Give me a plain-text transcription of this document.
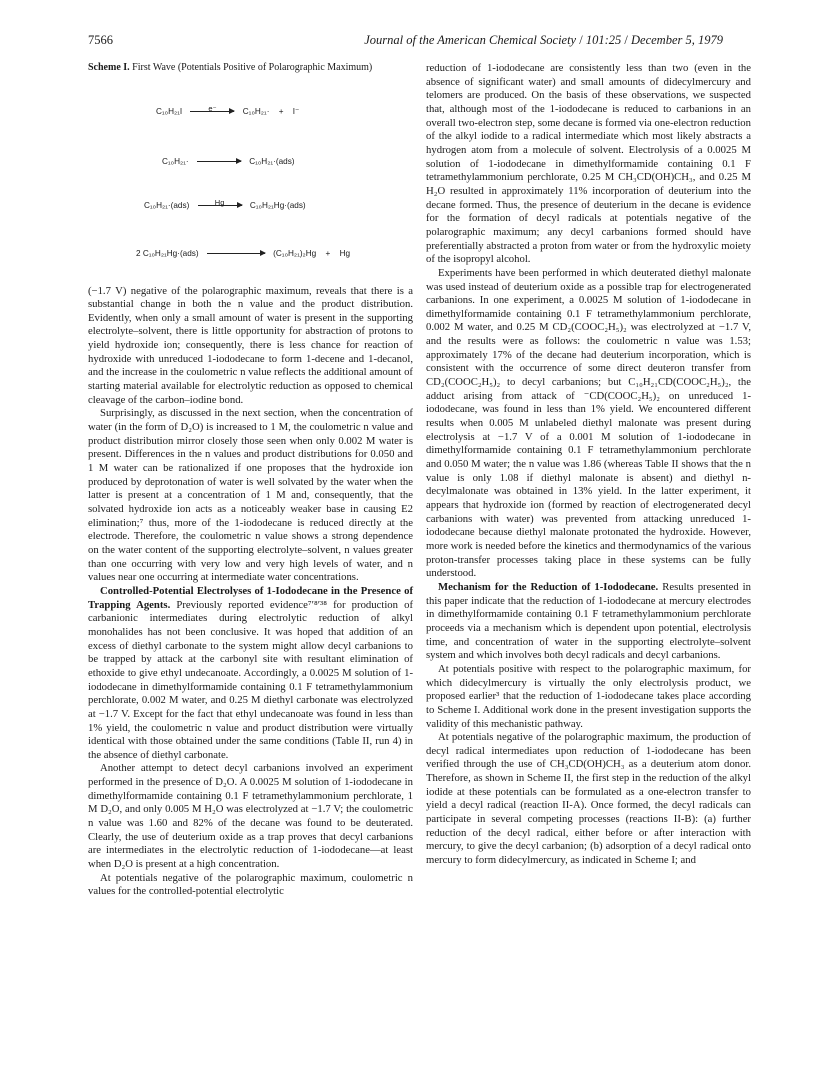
7566	Journal of the American Chemical Society / 101:25 / December 5, 1979
Scheme I. First Wave (Potentials Positive of Polarographic Maximum)
C₁₀H₂₁I	e⁻	C₁₀H₂₁· + I⁻
C₁₀H₂₁·	C₁₀H₂₁·(ads)
C₁₀H₂₁·(ads)	Hg	C₁₀H₂₁Hg·(ads)
2 C₁₀H₂₁Hg·(ads)	(C₁₀H₂₁)₂Hg + Hg

(−1.7 V) negative of the polarographic maximum, reveals that there is a substantial change in both the n value and the product distribution. Evidently, when only a small amount of water is present in the supporting electrolyte–solvent, there is little opportunity for abstraction of protons to yield hydroxide ion; consequently, there is less chance for reaction of hydroxide with unreduced 1-iododecane to form 1-decene and 1-decanol, and the increase in the coulometric n value reflects the additional amount of starting material available for electrolytic reduction as opposed to chemical cleavage of the carbon–iodine bond.

Surprisingly, as discussed in the next section, when the concentration of water (in the form of D₂O) is increased to 1 M, the coulometric n value and product distribution mirror closely those seen when only 0.002 M water is present. Differences in the n values and product distributions for 0.050 and 1 M water can be rationalized if one proposes that the hydroxide ion produced by deprotonation of water is well solvated by the water when the latter is present at a concentration of 1 M and, consequently, that the solvated hydroxide ion acts as a noticeably weaker base in causing E2 elimination;⁷ thus, more of the 1-iododecane is reduced directly at the electrode. Therefore, the coulometric n value shows a strong dependence on the water content of the supporting electrolyte–solvent, n values greater than one occurring with very low and very high levels of water, and n values near one occurring at intermediate water concentrations.

Controlled-Potential Electrolyses of 1-Iododecane in the Presence of Trapping Agents. Previously reported evidence⁷ʹ⁸ʹ³⁸ for production of carbanionic intermediates during electrolytic reduction of alkyl monohalides has not been conclusive. It was hoped that addition of an excess of diethyl carbonate to the system might allow decyl carbanions to be trapped by attack at the carbonyl site with resultant elimination of ethoxide to give ethyl undecanoate. Accordingly, a 0.0025 M solution of 1-iododecane in dimethylformamide containing 0.1 F tetramethylammonium perchlorate, 0.002 M water, and 0.25 M diethyl carbonate was electrolyzed at −1.7 V. Except for the fact that ethyl undecanoate was found in less than 1% yield, the coulometric n value and product distribution were virtually identical with those obtained under the same conditions (Table II, run 4) in the absence of diethyl carbonate.

Another attempt to detect decyl carbanions involved an experiment performed in the presence of D₂O. A 0.0025 M solution of 1-iododecane in dimethylformamide containing 0.1 F tetramethylammonium perchlorate, 1 M D₂O, and only 0.005 M H₂O was electrolyzed at −1.7 V; the coulometric n value was 1.60 and 82% of the decane was found to be deuterated. Clearly, the use of deuterium oxide as a trap proves that decyl carbanions are intermediates in the electrolytic reduction of 1-iododecane—at least when D₂O is present at a high concentration.

At potentials negative of the polarographic maximum, coulometric n values for the controlled-potential electrolytic

reduction of 1-iododecane are consistently less than two (even in the absence of significant water) and small amounts of didecylmercury and telomers are produced. On the basis of these observations, we suspected that, although most of the 1-iododecane is reduced to carbanions in an overall two-electron step, some decane is formed via one-electron reduction of the alkyl iodide to a radical intermediate which most likely abstracts a hydrogen atom from a molecule of solvent. Electrolysis of a 0.0025 M solution of 1-iododecane in dimethylformamide containing 0.1 F tetramethylammonium perchlorate, 0.25 M CH₃CD(OH)CH₃, and 0.25 M H₂O resulted in approximately 11% incorporation of deuterium into the decane formed. Thus, the presence of deuterium in the decane is evidence for the formation of decyl radicals at potentials negative of the polarographic maximum; any decyl carbanions formed should have preferentially abstracted a proton from water or from the hydroxylic moiety of the isopropyl alcohol.

Experiments have been performed in which deuterated diethyl malonate was used instead of deuterium oxide as a possible trap for electrogenerated carbanions. In one experiment, a 0.0025 M solution of 1-iododecane in dimethylformamide containing 0.1 F tetramethylammonium perchlorate, 0.002 M water, and 0.25 M CD₂(COOC₂H₅)₂ was electrolyzed at −1.7 V, and the results were as follows: the coulometric n value was 1.53; approximately 17% of the decane had deuterium incorporation, which is consistent with the occurrence of some direct deuteron transfer from CD₂(COOC₂H₅)₂ to decyl carbanions; but C₁₀H₂₁CD(COOC₂H₅)₂, the adduct arising from attack of ⁻CD(COOC₂H₅)₂ on unreduced 1-iododecane, was found in less than 1% yield. We encountered different results when 0.005 M unlabeled diethyl malonate was present during electrolysis at −1.7 V of a 0.001 M solution of 1-iododecane in dimethylformamide containing 0.1 F tetramethylammonium perchlorate and 0.050 M water; the n value was 1.86 (whereas Table II shows that the n value is only 1.08 if diethyl malonate is absent) and diethyl n-decylmalonate was obtained in 13% yield. In the latter experiment, it appears that hydroxide ion (formed by reaction of electrogenerated decyl carbanions with water) was prevented from attacking unreduced 1-iododecane because diethyl malonate protonated the hydroxide. However, more work is needed before the kinetics and thermodynamics of the various proton-transfer processes taking place in these systems can be fully understood.

Mechanism for the Reduction of 1-Iododecane. Results presented in this paper indicate that the reduction of 1-iododecane at mercury electrodes in dimethylformamide containing 0.1 F tetramethylammonium perchlorate proceeds via a mechanism which is dependent upon potential, electrolysis time, and concentration of water in the supporting electrolyte–solvent system and which involves both decyl radicals and decyl carbanions.

At potentials positive with respect to the polarographic maximum, for which didecylmercury is virtually the only electrolysis product, we proposed earlier³ that the reduction of 1-iododecane takes place according to Scheme I. Additional work done in the present investigation supports the validity of this mechanistic pathway.

At potentials negative of the polarographic maximum, the production of decyl radical intermediates upon reduction of 1-iododecane has been verified through the use of CH₃CD(OH)CH₃ as a deuterium atom donor. Therefore, as shown in Scheme II, the first step in the reduction of the alkyl iodide at these potentials can be formulated as a one-electron transfer to yield a decyl radical (reaction II-A). Once formed, the decyl radicals can participate in several competing processes (reactions II-B): (a) further reduction of the decyl radical, either before or after interaction with mercury, to give the decyl carbanion; (b) adsorption of a decyl radical onto mercury to form didecylmercury, as indicated in Scheme I; and
